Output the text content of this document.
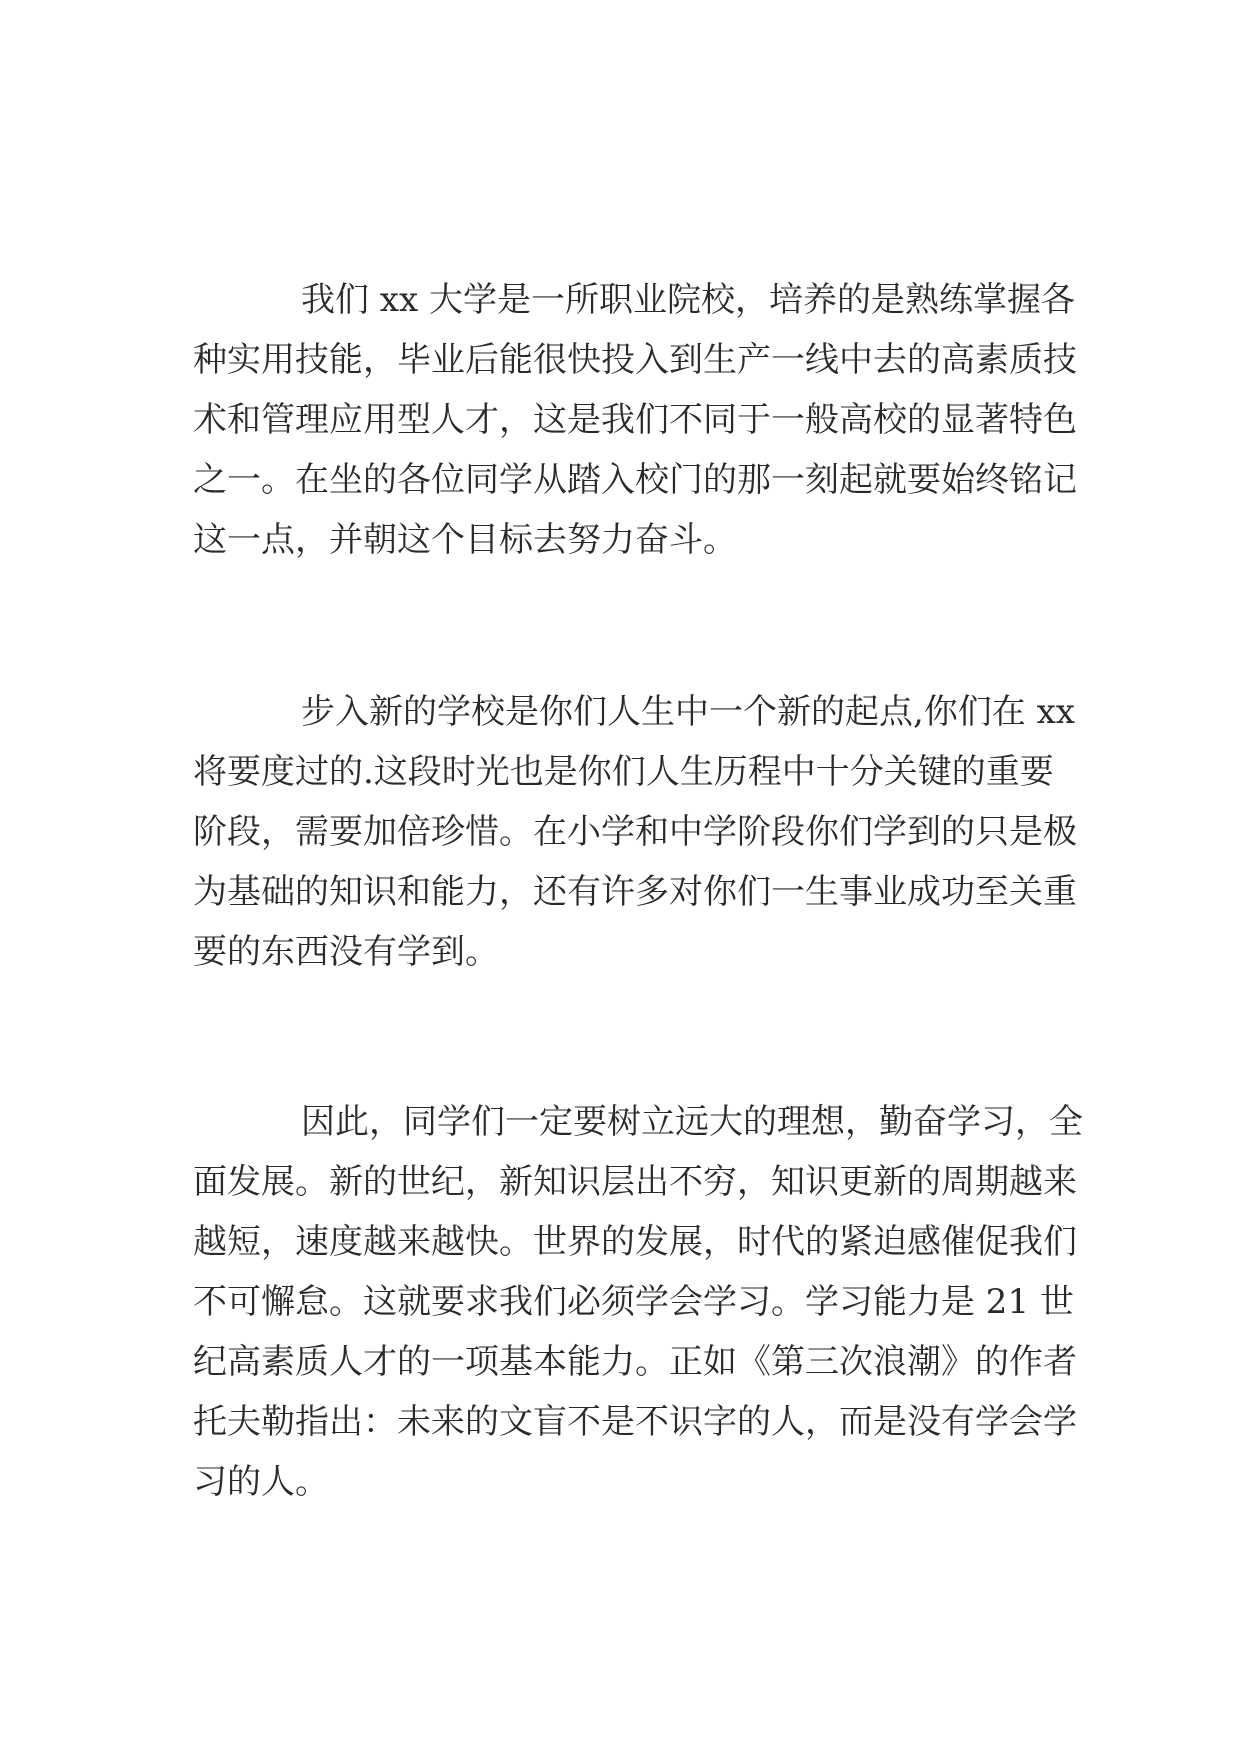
我们 xx 大学是一所职业院校，培养的是熟练掌握各
种实用技能，毕业后能很快投入到生产一线中去的高素质技
术和管理应用型人才，这是我们不同于一般高校的显著特色
之一。在坐的各位同学从踏入校门的那一刻起就要始终铭记
这一点，并朝这个目标去努力奋斗。
步入新的学校是你们人生中一个新的起点,你们在 xx
将要度过的.这段时光也是你们人生历程中十分关键的重要
阶段，需要加倍珍惜。在小学和中学阶段你们学到的只是极
为基础的知识和能力，还有许多对你们一生事业成功至关重
要的东西没有学到。
因此，同学们一定要树立远大的理想，勤奋学习，全
面发展。新的世纪，新知识层出不穷，知识更新的周期越来
越短，速度越来越快。世界的发展，时代的紧迫感催促我们
不可懈怠。这就要求我们必须学会学习。学习能力是 21 世
纪高素质人才的一项基本能力。正如《第三次浪潮》的作者
托夫勒指出：未来的文盲不是不识字的人，而是没有学会学
习的人。
